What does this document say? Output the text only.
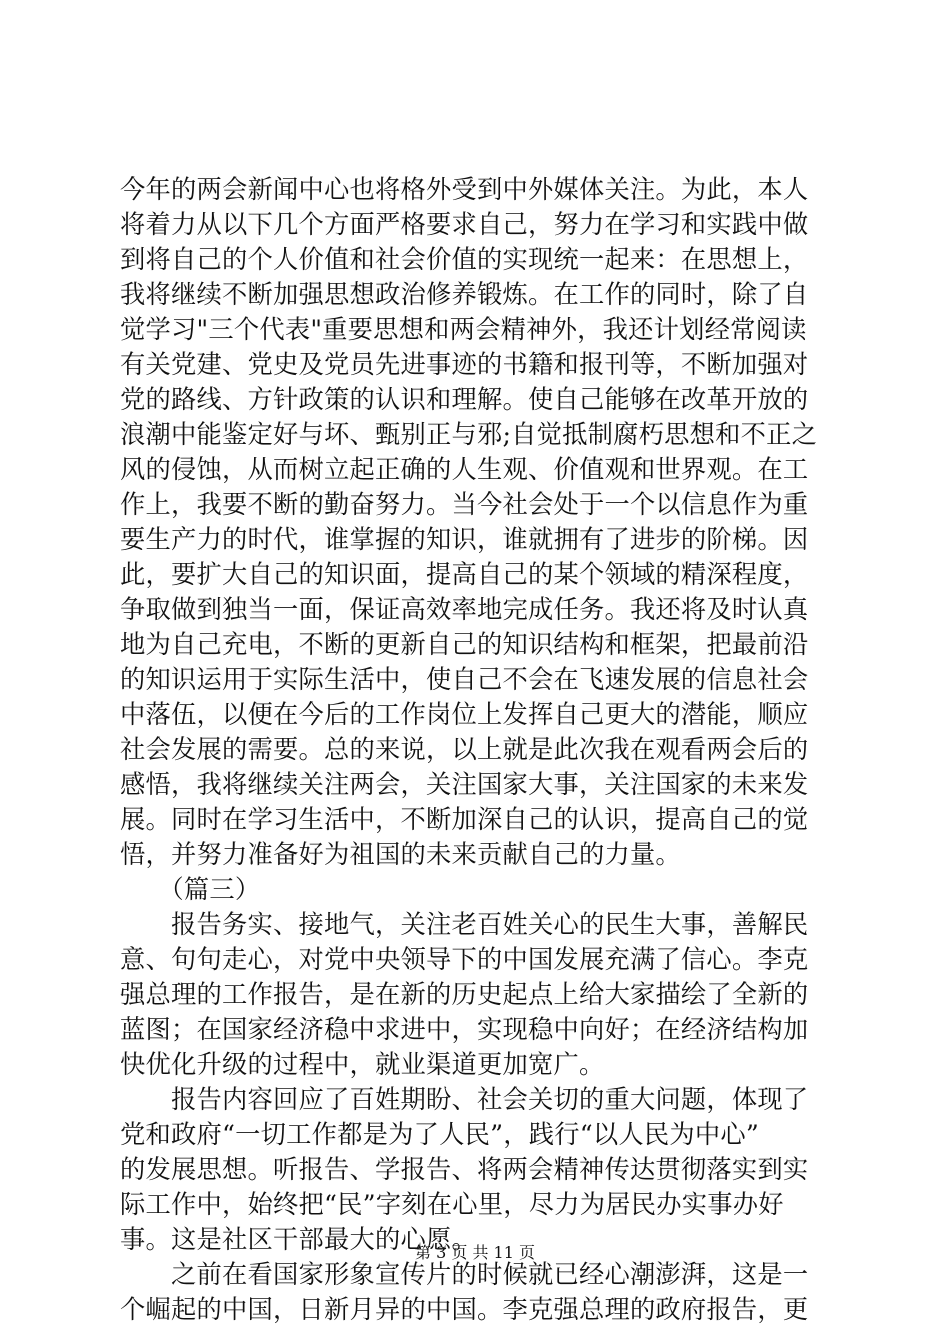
今年的两会新闻中心也将格外受到中外媒体关注。为此，本人
将着力从以下几个方面严格要求自己，努力在学习和实践中做
到将自己的个人价值和社会价值的实现统一起来：在思想上，
我将继续不断加强思想政治修养锻炼。在工作的同时，除了自
觉学习"三个代表"重要思想和两会精神外，我还计划经常阅读
有关党建、党史及党员先进事迹的书籍和报刊等，不断加强对
党的路线、方针政策的认识和理解。使自己能够在改革开放的
浪潮中能鉴定好与坏、甄别正与邪;自觉抵制腐朽思想和不正之
风的侵蚀，从而树立起正确的人生观、价值观和世界观。在工
作上，我要不断的勤奋努力。当今社会处于一个以信息作为重
要生产力的时代，谁掌握的知识，谁就拥有了进步的阶梯。因
此，要扩大自己的知识面，提高自己的某个领域的精深程度，
争取做到独当一面，保证高效率地完成任务。我还将及时认真
地为自己充电，不断的更新自己的知识结构和框架，把最前沿
的知识运用于实际生活中，使自己不会在飞速发展的信息社会
中落伍，以便在今后的工作岗位上发挥自己更大的潜能，顺应
社会发展的需要。总的来说，以上就是此次我在观看两会后的
感悟，我将继续关注两会，关注国家大事，关注国家的未来发
展。同时在学习生活中，不断加深自己的认识，提高自己的觉
悟，并努力准备好为祖国的未来贡献自己的力量。
　　（篇三）
　　报告务实、接地气，关注老百姓关心的民生大事，善解民
意、句句走心，对党中央领导下的中国发展充满了信心。李克
强总理的工作报告，是在新的历史起点上给大家描绘了全新的
蓝图；在国家经济稳中求进中，实现稳中向好；在经济结构加
快优化升级的过程中，就业渠道更加宽广。
　　报告内容回应了百姓期盼、社会关切的重大问题，体现了
党和政府“一切工作都是为了人民”，践行“以人民为中心”
的发展思想。听报告、学报告、将两会精神传达贯彻落实到实
际工作中，始终把“民”字刻在心里，尽力为居民办实事办好
事。这是社区干部最大的心愿。
　　之前在看国家形象宣传片的时候就已经心潮澎湃，这是一
个崛起的中国，日新月异的中国。李克强总理的政府报告，更
第 3 页 共 11 页
